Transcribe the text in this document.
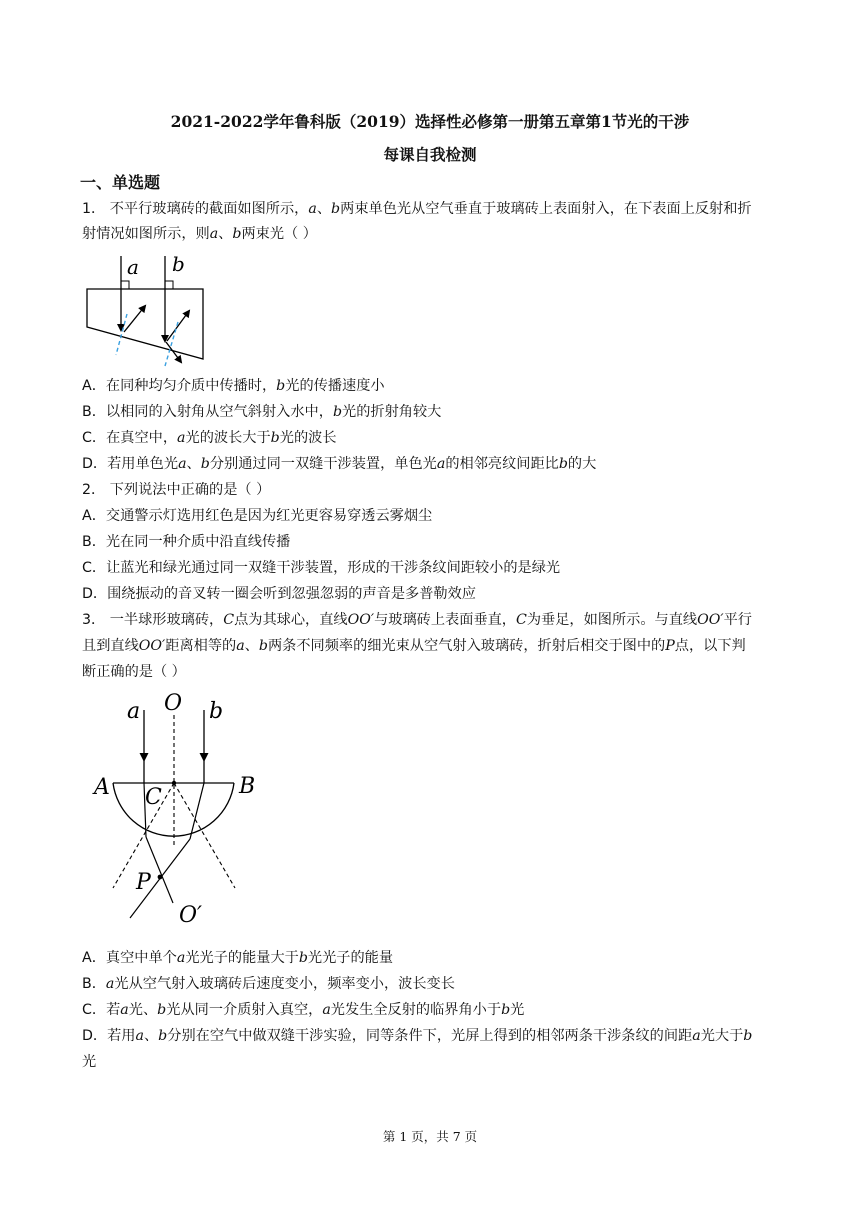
2021-2022学年鲁科版（2019）选择性必修第一册第五章第1节光的干涉
每课自我检测
一、单选题
1． 不平行玻璃砖的截面如图所示，a、b两束单色光从空气垂直于玻璃砖上表面射入，在下表面上反射和折
射情况如图所示，则a、b两束光（ ）
a b
A．在同种均匀介质中传播时，b光的传播速度小
B．以相同的入射角从空气斜射入水中，b光的折射角较大
C．在真空中，a光的波长大于b光的波长
D．若用单色光a、b分别通过同一双缝干涉装置，单色光a的相邻亮纹间距比b的大
2． 下列说法中正确的是（ ）
A．交通警示灯选用红色是因为红光更容易穿透云雾烟尘
B．光在同一种介质中沿直线传播
C．让蓝光和绿光通过同一双缝干涉装置，形成的干涉条纹间距较小的是绿光
D．围绕振动的音叉转一圈会听到忽强忽弱的声音是多普勒效应
3． 一半球形玻璃砖，C点为其球心，直线OO′与玻璃砖上表面垂直，C为垂足，如图所示。与直线OO′平行
且到直线OO′距离相等的a、b两条不同频率的细光束从空气射入玻璃砖，折射后相交于图中的P点，以下判
断正确的是（ ）
a O b
A	B
C
P
O′
A．真空中单个a光光子的能量大于b光光子的能量
B．a光从空气射入玻璃砖后速度变小，频率变小，波长变长
C．若a光、b光从同一介质射入真空，a光发生全反射的临界角小于b光
D．若用a、b分别在空气中做双缝干涉实验，同等条件下，光屏上得到的相邻两条干涉条纹的间距a光大于b
光
第 1 页，共 7 页
